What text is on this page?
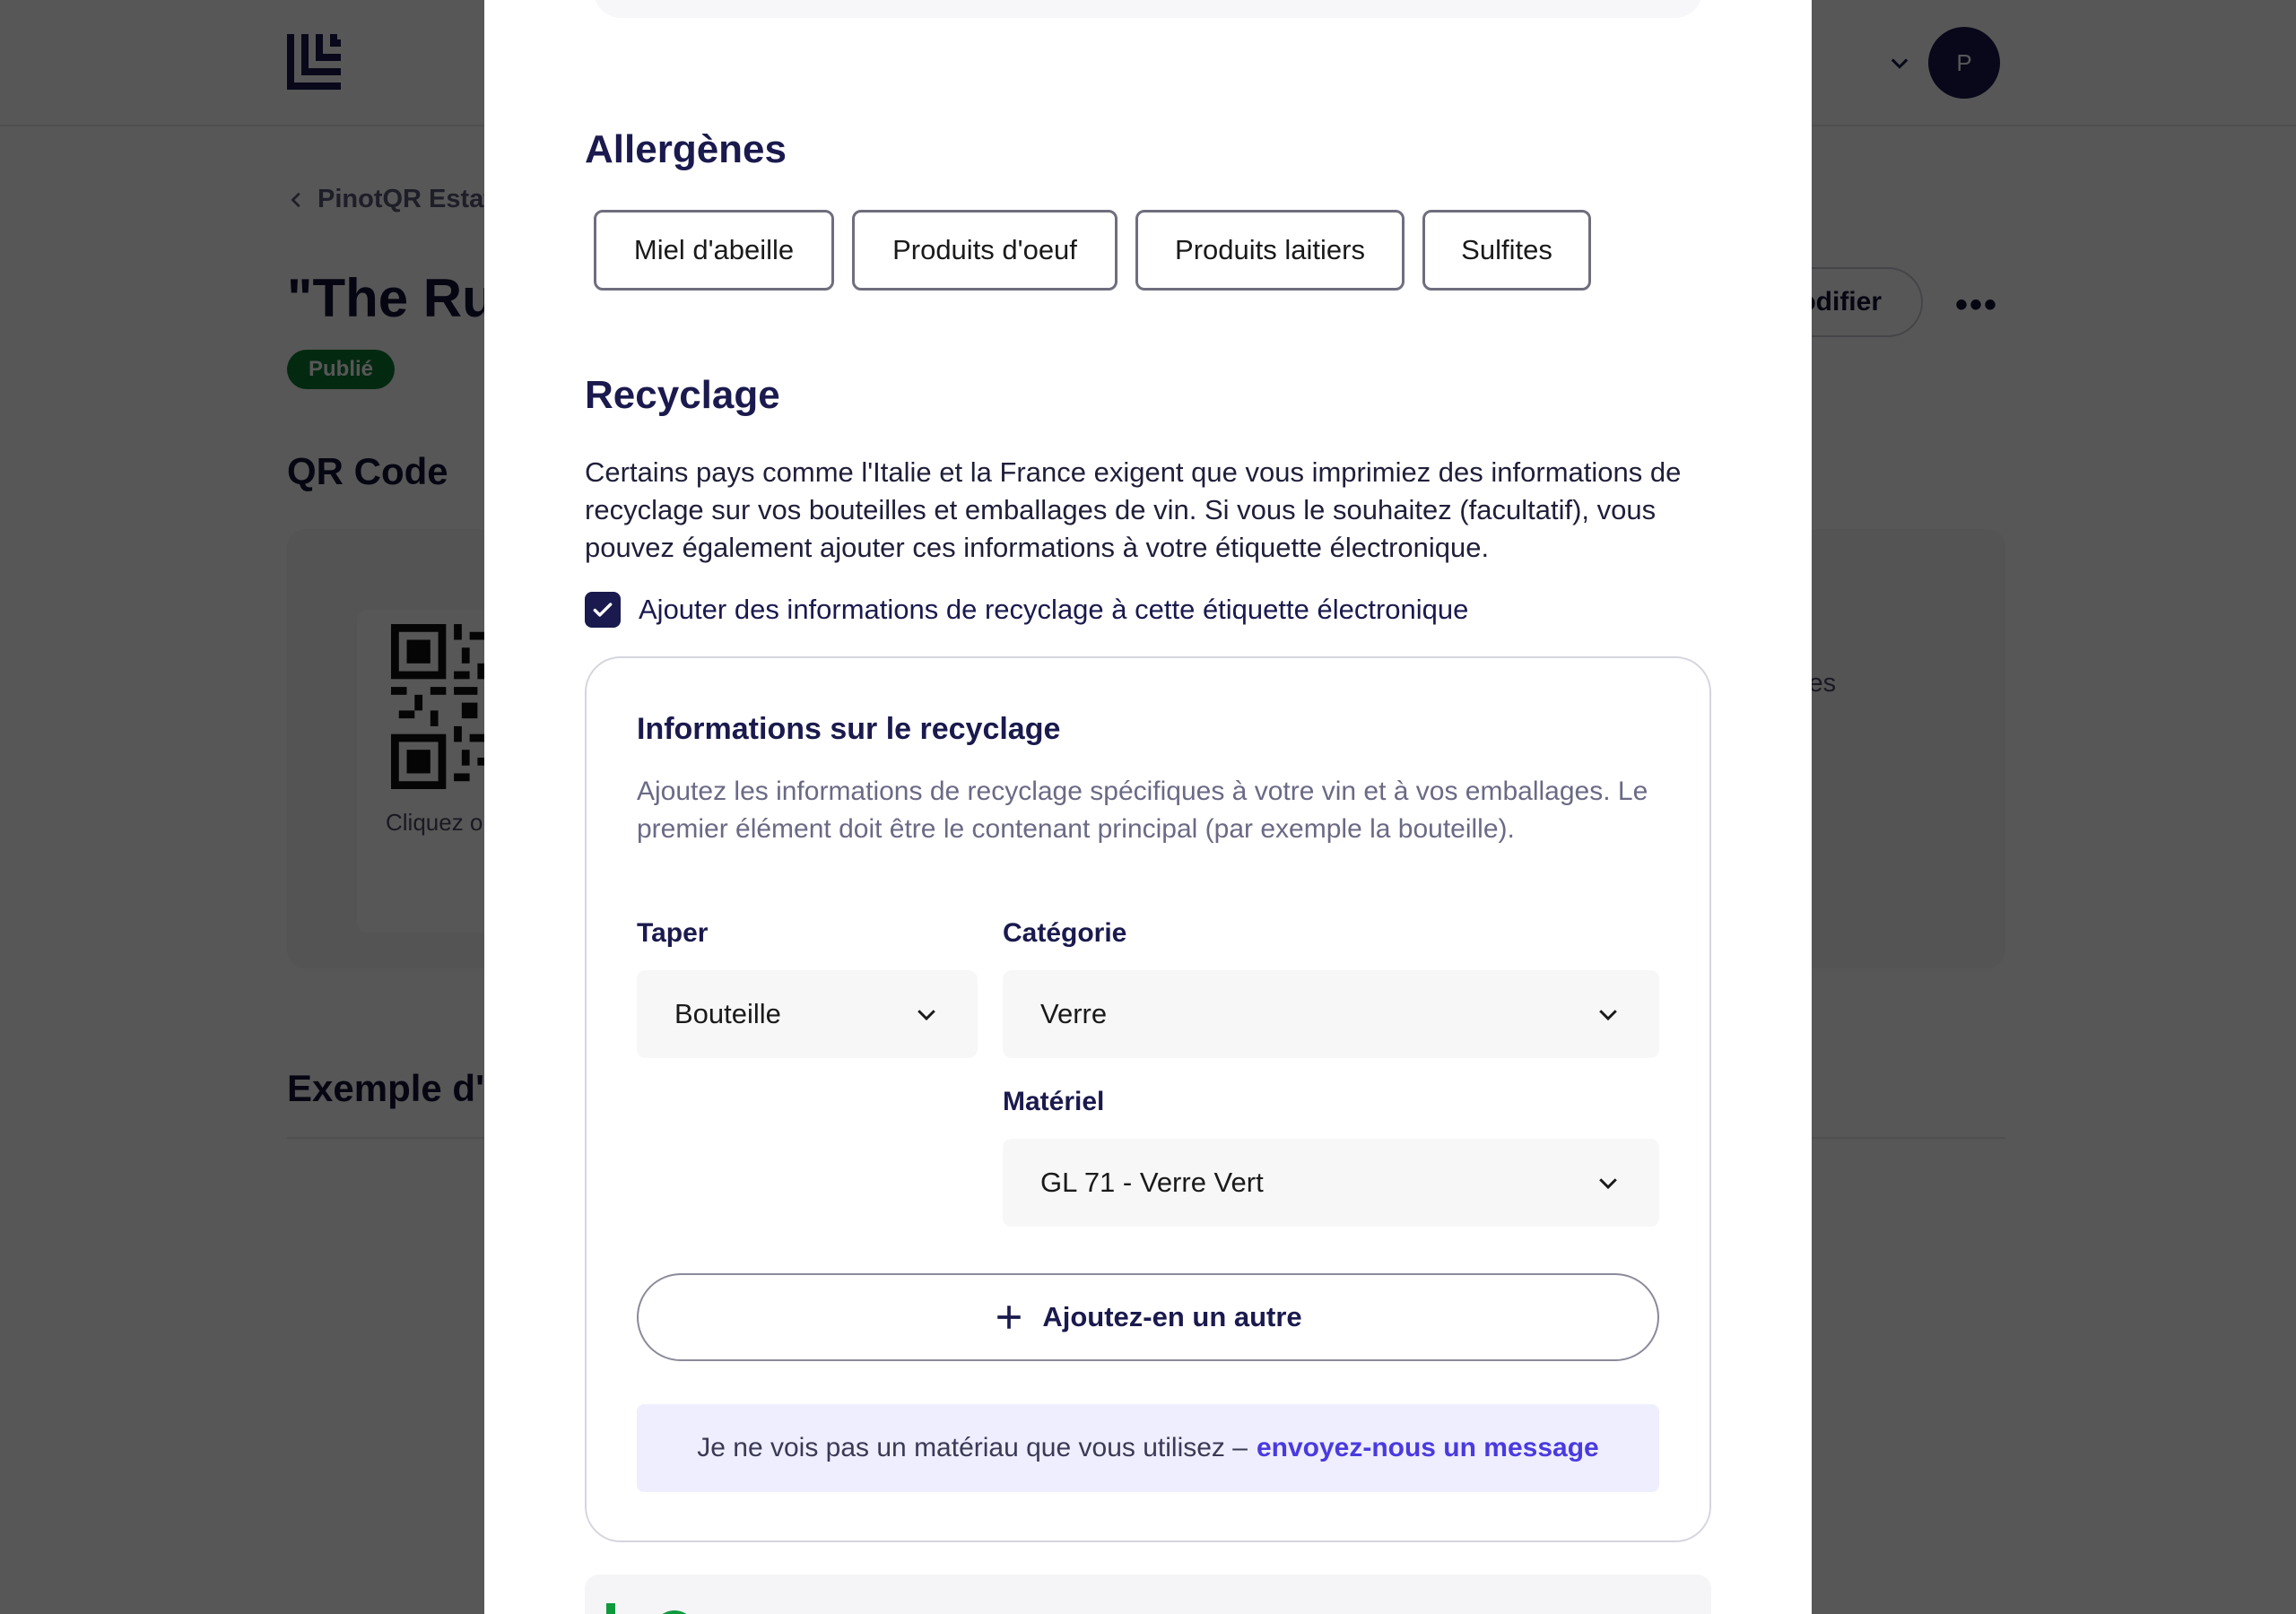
Allergènes
Miel d'abeille	Produits d'oeuf	Produits laitiers	Sulfites
Recyclage

Certains pays comme l'Italie et la France exigent que vous imprimiez des informations de recyclage sur vos bouteilles et emballages de vin. Si vous le souhaitez (facultatif), vous pouvez également ajouter ces informations à votre étiquette électronique.

Ajouter des informations de recyclage à cette étiquette électronique
Informations sur le recyclage

Ajoutez les informations de recyclage spécifiques à votre vin et à vos emballages. Le premier élément doit être le contenant principal (par exemple la bouteille).

Taper
Bouteille
Catégorie
Verre
Matériel
GL 71 - Verre Vert
Ajoutez-en un autre
Je ne vois pas un matériau que vous utilisez – envoyez-nous un message
